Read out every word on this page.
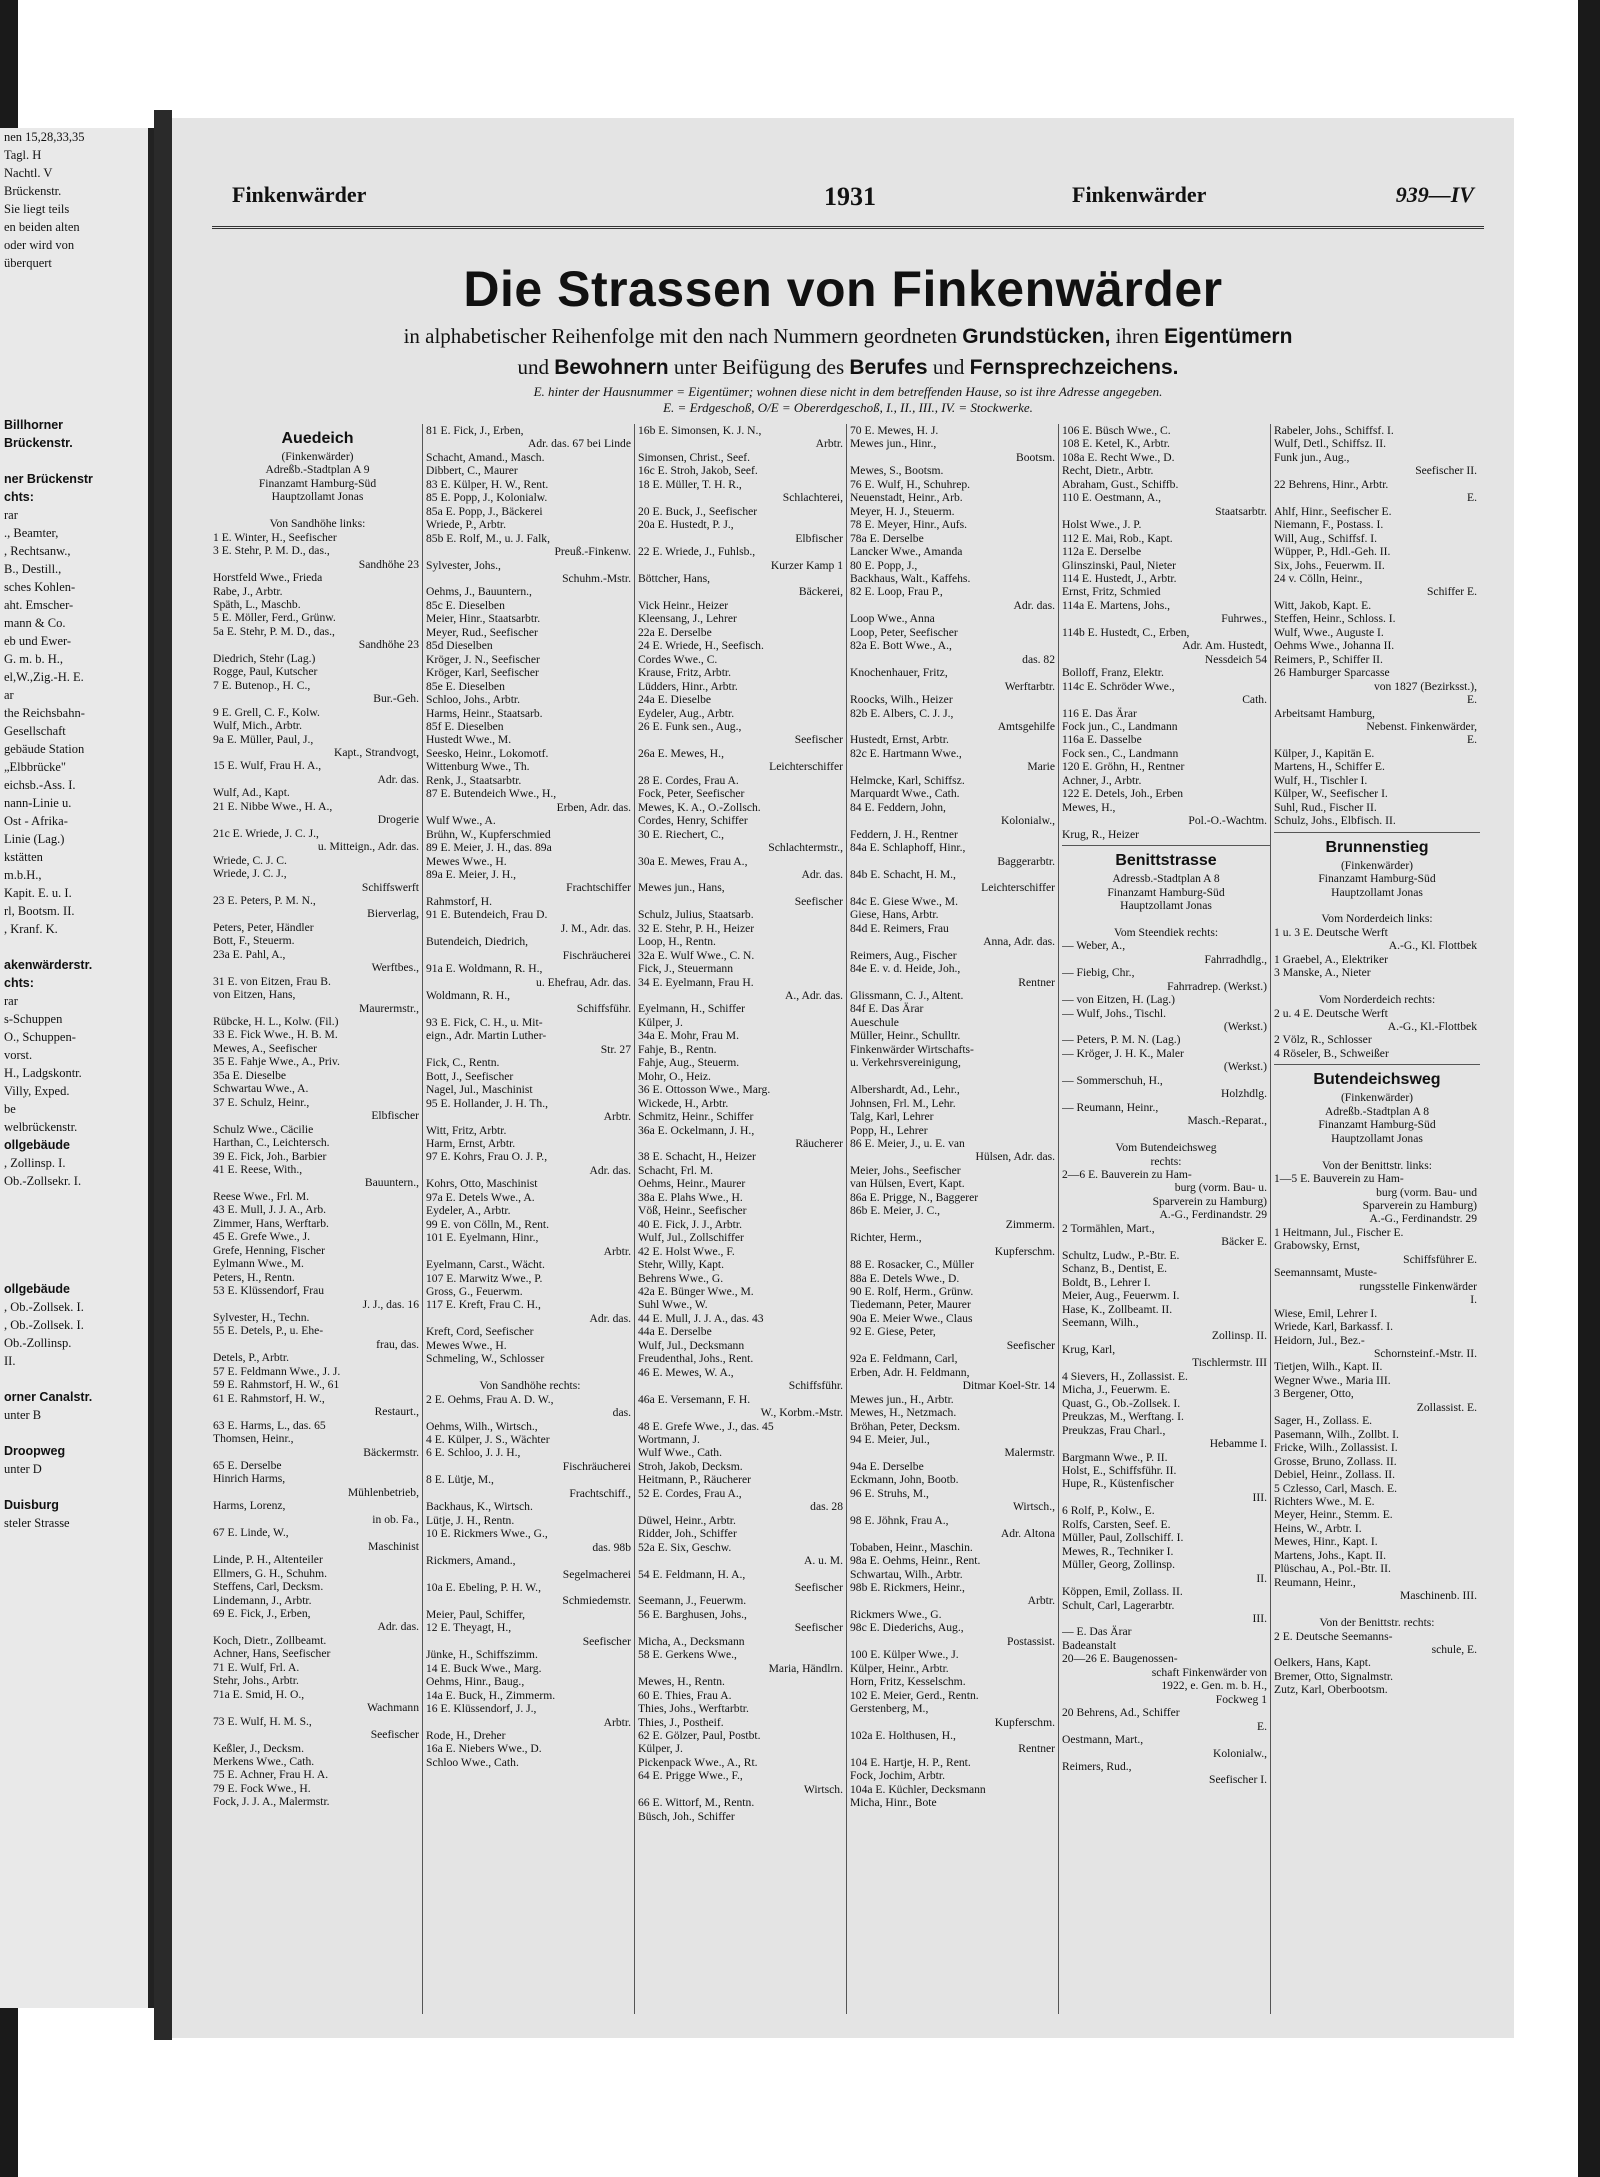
nen 15,28,33,35
Tagl. H
Nachtl. V
Brückenstr.
Sie liegt teils
en beiden alten
oder wird von
überquert

Billhorner
Brückenstr.

ner Brückenstr
chts:
rar
., Beamter,
, Rechtsanw.,
B., Destill.,
sches Kohlen-
aht. Emscher-
mann & Co.
eb und Ewer-
G. m. b. H.,
el,W.,Zig.-H. E.
ar
the Reichsbahn-
Gesellschaft
gebäude Station
„Elbbrücke"
eichsb.-Ass. I.
nann-Linie u.
Ost - Afrika-
Linie (Lag.)
kstätten
m.b.H.,
Kapit. E. u. I.
rl, Bootsm. II.
, Kranf. K.

akenwärderstr.
chts:
rar
s-Schuppen
O., Schuppen-
vorst.
H., Ladgskontr.
Villy, Exped.
be
welbrückenstr.
ollgebäude
, Zollinsp. I.
Ob.-Zollsekr. I.

ollgebäude
, Ob.-Zollsek. I.
, Ob.-Zollsek. I.
Ob.-Zollinsp.
II.

orner Canalstr.
unter B

Droopweg
unter D

Duisburg
steler Strasse
Finkenwärder	1931	Finkenwärder	939—IV
Die Strassen von Finkenwärder
in alphabetischer Reihenfolge mit den nach Nummern geordneten Grundstücken, ihren Eigentümern
und Bewohnern unter Beifügung des Berufes und Fernsprechzeichens.
E. hinter der Hausnummer = Eigentümer; wohnen diese nicht in dem betreffenden Hause, so ist ihre Adresse angegeben.
E. = Erdgeschoß, O/E = Obererdgeschoß, I., II., III., IV. = Stockwerke.
Auedeich
(Finkenwärder)
Adreßb.-Stadtplan A 9
Finanzamt Hamburg-Süd
Hauptzollamt Jonas

Von Sandhöhe links:
1 E. Winter, H., Seefischer
3 E. Stehr, P. M. D., das.,
Sandhöhe 23
Horstfeld Wwe., Frieda
Rabe, J., Arbtr.
Späth, L., Maschb.
5 E. Möller, Ferd., Grünw.
5a E. Stehr, P. M. D., das.,
Sandhöhe 23
Diedrich, Stehr (Lag.)
Rogge, Paul, Kutscher
7 E. Butenop., H. C.,
Bur.-Geh.
9 E. Grell, C. F., Kolw.
Wulf, Mich., Arbtr.
9a E. Müller, Paul, J.,
Kapt., Strandvogt,
15 E. Wulf, Frau H. A.,
Adr. das.
Wulf, Ad., Kapt.
21 E. Nibbe Wwe., H. A.,
Drogerie
21c E. Wriede, J. C. J.,
u. Mitteign., Adr. das.
Wriede, C. J. C.
Wriede, J. C. J.,
Schiffswerft
23 E. Peters, P. M. N.,
Bierverlag,
Peters, Peter, Händler
Bott, F., Steuerm.
23a E. Pahl, A.,
Werftbes.,
31 E. von Eitzen, Frau B.
von Eitzen, Hans,
Maurermstr.,
Rübcke, H. L., Kolw. (Fil.)
33 E. Fick Wwe., H. B. M.
Mewes, A., Seefischer
35 E. Fahje Wwe., A., Priv.
35a E. Dieselbe
Schwartau Wwe., A.
37 E. Schulz, Heinr.,
Elbfischer
Schulz Wwe., Cäcilie
Harthan, C., Leichtersch.
39 E. Fick, Joh., Barbier
41 E. Reese, With.,
Bauuntern.,
Reese Wwe., Frl. M.
43 E. Mull, J. J. A., Arb.
Zimmer, Hans, Werftarb.
45 E. Grefe Wwe., J.
Grefe, Henning, Fischer
Eylmann Wwe., M.
Peters, H., Rentn.
53 E. Klüssendorf, Frau
J. J., das. 16
Sylvester, H., Techn.
55 E. Detels, P., u. Ehe-
frau, das.
Detels, P., Arbtr.
57 E. Feldmann Wwe., J. J.
59 E. Rahmstorf, H. W., 61
61 E. Rahmstorf, H. W.,
Restaurt.,
63 E. Harms, L., das. 65
Thomsen, Heinr.,
Bäckermstr.
65 E. Derselbe
Hinrich Harms,
Mühlenbetrieb,
Harms, Lorenz,
in ob. Fa.,
67 E. Linde, W.,
Maschinist
Linde, P. H., Altenteiler
Ellmers, G. H., Schuhm.
Steffens, Carl, Decksm.
Lindemann, J., Arbtr.
69 E. Fick, J., Erben,
Adr. das.
Koch, Dietr., Zollbeamt.
Achner, Hans, Seefischer
71 E. Wulf, Frl. A.
Stehr, Johs., Arbtr.
71a E. Smid, H. O.,
Wachmann
73 E. Wulf, H. M. S.,
Seefischer
Keßler, J., Decksm.
Merkens Wwe., Cath.
75 E. Achner, Frau H. A.
79 E. Fock Wwe., H.
Fock, J. J. A., Malermstr.
81 E. Fick, J., Erben,
Adr. das. 67 bei Linde
Schacht, Amand., Masch.
Dibbert, C., Maurer
83 E. Külper, H. W., Rent.
85 E. Popp, J., Kolonialw.
85a E. Popp, J., Bäckerei
Wriede, P., Arbtr.
85b E. Rolf, M., u. J. Falk,
Preuß.-Finkenw.
Sylvester, Johs.,
Schuhm.-Mstr.
Oehms, J., Bauuntern.,
85c E. Dieselben
Meier, Hinr., Staatsarbtr.
Meyer, Rud., Seefischer
85d Dieselben
Kröger, J. N., Seefischer
Kröger, Karl, Seefischer
85e E. Dieselben
Schloo, Johs., Arbtr.
Harms, Heinr., Staatsarb.
85f E. Dieselben
Hustedt Wwe., M.
Seesko, Heinr., Lokomotf.
Wittenburg Wwe., Th.
Renk, J., Staatsarbtr.
87 E. Butendeich Wwe., H.,
Erben, Adr. das.
Wulf Wwe., A.
Brühn, W., Kupferschmied
89 E. Meier, J. H., das. 89a
Mewes Wwe., H.
89a E. Meier, J. H.,
Frachtschiffer
Rahmstorf, H.
91 E. Butendeich, Frau D.
J. M., Adr. das.
Butendeich, Diedrich,
Fischräucherei
91a E. Woldmann, R. H.,
u. Ehefrau, Adr. das.
Woldmann, R. H.,
Schiffsführ.
93 E. Fick, C. H., u. Mit-
eign., Adr. Martin Luther-
Str. 27
Fick, C., Rentn.
Bott, J., Seefischer
Nagel, Jul., Maschinist
95 E. Hollander, J. H. Th.,
Arbtr.
Witt, Fritz, Arbtr.
Harm, Ernst, Arbtr.
97 E. Kohrs, Frau O. J. P.,
Adr. das.
Kohrs, Otto, Maschinist
97a E. Detels Wwe., A.
Eydeler, A., Arbtr.
99 E. von Cölln, M., Rent.
101 E. Eyelmann, Hinr.,
Arbtr.
Eyelmann, Carst., Wächt.
107 E. Marwitz Wwe., P.
Gross, G., Feuerwm.
117 E. Kreft, Frau C. H.,
Adr. das.
Kreft, Cord, Seefischer
Mewes Wwe., H.
Schmeling, W., Schlosser

Von Sandhöhe rechts:
2 E. Oehms, Frau A. D. W.,
das.
Oehms, Wilh., Wirtsch.,
4 E. Külper, J. S., Wächter
6 E. Schloo, J. J. H.,
Fischräucherei
8 E. Lütje, M.,
Frachtschiff.,
Backhaus, K., Wirtsch.
Lütje, J. H., Rentn.
10 E. Rickmers Wwe., G.,
das. 98b
Rickmers, Amand.,
Segelmacherei
10a E. Ebeling, P. H. W.,
Schmiedemstr.
Meier, Paul, Schiffer,
12 E. Theyagt, H.,
Seefischer
Jünke, H., Schiffszimm.
14 E. Buck Wwe., Marg.
Oehms, Hinr., Baug.,
14a E. Buck, H., Zimmerm.
16 E. Klüssendorf, J. J.,
Arbtr.
Rode, H., Dreher
16a E. Niebers Wwe., D.
Schloo Wwe., Cath.
16b E. Simonsen, K. J. N.,
Arbtr.
Simonsen, Christ., Seef.
16c E. Stroh, Jakob, Seef.
18 E. Müller, T. H. R.,
Schlachterei,
20 E. Buck, J., Seefischer
20a E. Hustedt, P. J.,
Elbfischer
22 E. Wriede, J., Fuhlsb.,
Kurzer Kamp 1
Böttcher, Hans,
Bäckerei,
Vick Heinr., Heizer
Kleensang, J., Lehrer
22a E. Derselbe
24 E. Wriede, H., Seefisch.
Cordes Wwe., C.
Krause, Fritz, Arbtr.
Lüdders, Hinr., Arbtr.
24a E. Dieselbe
Eydeler, Aug., Arbtr.
26 E. Funk sen., Aug.,
Seefischer
26a E. Mewes, H.,
Leichterschiffer
28 E. Cordes, Frau A.
Fock, Peter, Seefischer
Mewes, K. A., O.-Zollsch.
Cordes, Henry, Schiffer
30 E. Riechert, C.,
Schlachtermstr.,
30a E. Mewes, Frau A.,
Adr. das.
Mewes jun., Hans,
Seefischer
Schulz, Julius, Staatsarb.
32 E. Stehr, P. H., Heizer
Loop, H., Rentn.
32a E. Wulf Wwe., C. N.
Fick, J., Steuermann
34 E. Eyelmann, Frau H.
A., Adr. das.
Eyelmann, H., Schiffer
Külper, J.
34a E. Mohr, Frau M.
Fahje, B., Rentn.
Fahje, Aug., Steuerm.
Mohr, O., Heiz.
36 E. Ottosson Wwe., Marg.
Wickede, H., Arbtr.
Schmitz, Heinr., Schiffer
36a E. Ockelmann, J. H.,
Räucherer
38 E. Schacht, H., Heizer
Schacht, Frl. M.
Oehms, Heinr., Maurer
38a E. Plahs Wwe., H.
Vöß, Heinr., Seefischer
40 E. Fick, J. J., Arbtr.
Wulf, Jul., Zollschiffer
42 E. Holst Wwe., F.
Stehr, Willy, Kapt.
Behrens Wwe., G.
42a E. Bünger Wwe., M.
Suhl Wwe., W.
44 E. Mull, J. J. A., das. 43
44a E. Derselbe
Wulf, Jul., Decksmann
Freudenthal, Johs., Rent.
46 E. Mewes, W. A.,
Schiffsführ.
46a E. Versemann, F. H.
W., Korbm.-Mstr.
48 E. Grefe Wwe., J., das. 45
Wortmann, J.
Wulf Wwe., Cath.
Stroh, Jakob, Decksm.
Heitmann, P., Räucherer
52 E. Cordes, Frau A.,
das. 28
Düwel, Heinr., Arbtr.
Ridder, Joh., Schiffer
52a E. Six, Geschw.
A. u. M.
54 E. Feldmann, H. A.,
Seefischer
Seemann, J., Feuerwm.
56 E. Barghusen, Johs.,
Seefischer
Micha, A., Decksmann
58 E. Gerkens Wwe.,
Maria, Händlrn.
Mewes, H., Rentn.
60 E. Thies, Frau A.
Thies, Johs., Werftarbtr.
Thies, J., Postheif.
62 E. Gölzer, Paul, Postbt.
Külper, J.
Pickenpack Wwe., A., Rt.
64 E. Prigge Wwe., F.,
Wirtsch.
66 E. Wittorf, M., Rentn.
Büsch, Joh., Schiffer
70 E. Mewes, H. J.
Mewes jun., Hinr.,
Bootsm.
Mewes, S., Bootsm.
76 E. Wulf, H., Schuhrep.
Neuenstadt, Heinr., Arb.
Meyer, H. J., Steuerm.
78 E. Meyer, Hinr., Aufs.
78a E. Derselbe
Lancker Wwe., Amanda
80 E. Popp, J.,
Backhaus, Walt., Kaffehs.
82 E. Loop, Frau P.,
Adr. das.
Loop Wwe., Anna
Loop, Peter, Seefischer
82a E. Bott Wwe., A.,
das. 82
Knochenhauer, Fritz,
Werftarbtr.
Roocks, Wilh., Heizer
82b E. Albers, C. J. J.,
Amtsgehilfe
Hustedt, Ernst, Arbtr.
82c E. Hartmann Wwe.,
Marie
Helmcke, Karl, Schiffsz.
Marquardt Wwe., Cath.
84 E. Feddern, John,
Kolonialw.,
Feddern, J. H., Rentner
84a E. Schlaphoff, Hinr.,
Baggerarbtr.
84b E. Schacht, H. M.,
Leichterschiffer
84c E. Giese Wwe., M.
Giese, Hans, Arbtr.
84d E. Reimers, Frau
Anna, Adr. das.
Reimers, Aug., Fischer
84e E. v. d. Heide, Joh.,
Rentner
Glissmann, C. J., Altent.
84f E. Das Ärar
Aueschule
Müller, Heinr., Schulltr.
Finkenwärder Wirtschafts-
u. Verkehrsvereinigung,

Albershardt, Ad., Lehr.,
Johnsen, Frl. M., Lehr.
Talg, Karl, Lehrer
Popp, H., Lehrer
86 E. Meier, J., u. E. van
Hülsen, Adr. das.
Meier, Johs., Seefischer
van Hülsen, Evert, Kapt.
86a E. Prigge, N., Baggerer
86b E. Meier, J. C.,
Zimmerm.
Richter, Herm.,
Kupferschm.
88 E. Rosacker, C., Müller
88a E. Detels Wwe., D.
90 E. Rolf, Herm., Grünw.
Tiedemann, Peter, Maurer
90a E. Meier Wwe., Claus
92 E. Giese, Peter,
Seefischer
92a E. Feldmann, Carl,
Erben, Adr. H. Feldmann,
Ditmar Koel-Str. 14
Mewes jun., H., Arbtr.
Mewes, H., Netzmach.
Bröhan, Peter, Decksm.
94 E. Meier, Jul.,
Malermstr.
94a E. Derselbe
Eckmann, John, Bootb.
96 E. Struhs, M.,
Wirtsch.,
98 E. Jöhnk, Frau A.,
Adr. Altona
Tobaben, Heinr., Maschin.
98a E. Oehms, Heinr., Rent.
Schwartau, Wilh., Arbtr.
98b E. Rickmers, Heinr.,
Arbtr.
Rickmers Wwe., G.
98c E. Diederichs, Aug.,
Postassist.
100 E. Külper Wwe., J.
Külper, Heinr., Arbtr.
Horn, Fritz, Kesselschm.
102 E. Meier, Gerd., Rentn.
Gerstenberg, M.,
Kupferschm.
102a E. Holthusen, H.,
Rentner
104 E. Hartje, H. P., Rent.
Fock, Jochim, Arbtr.
104a E. Küchler, Decksmann
Micha, Hinr., Bote
106 E. Büsch Wwe., C.
108 E. Ketel, K., Arbtr.
108a E. Recht Wwe., D.
Recht, Dietr., Arbtr.
Abraham, Gust., Schiffb.
110 E. Oestmann, A.,
Staatsarbtr.
Holst Wwe., J. P.
112 E. Mai, Rob., Kapt.
112a E. Derselbe
Glinszinski, Paul, Nieter
114 E. Hustedt, J., Arbtr.
Ernst, Fritz, Schmied
114a E. Martens, Johs.,
Fuhrwes.,
114b E. Hustedt, C., Erben,
Adr. Am. Hustedt,
Nessdeich 54
Bolloff, Franz, Elektr.
114c E. Schröder Wwe.,
Cath.
116 E. Das Ärar
Fock jun., C., Landmann
116a E. Dasselbe
Fock sen., C., Landmann
120 E. Gröhn, H., Rentner
Achner, J., Arbtr.
122 E. Detels, Joh., Erben
Mewes, H.,
Pol.-O.-Wachtm.
Krug, R., Heizer
Benittstrasse
Adressb.-Stadtplan A 8
Finanzamt Hamburg-Süd
Hauptzollamt Jonas

Vom Steendiek rechts:
— Weber, A.,
Fahrradhdlg.,
— Fiebig, Chr.,
Fahrradrep. (Werkst.)
— von Eitzen, H. (Lag.)
— Wulf, Johs., Tischl.
(Werkst.)
— Peters, P. M. N. (Lag.)
— Kröger, J. H. K., Maler
(Werkst.)
— Sommerschuh, H.,
Holzhdlg.
— Reumann, Heinr.,
Masch.-Reparat.,

Vom Butendeichsweg
rechts:
2—6 E. Bauverein zu Ham-
burg (vorm. Bau- u.
Sparverein zu Hamburg)
A.-G., Ferdinandstr. 29
2 Tormählen, Mart.,
Bäcker E.
Schultz, Ludw., P.-Btr. E.
Schanz, B., Dentist, E.
Boldt, B., Lehrer I.
Meier, Aug., Feuerwm. I.
Hase, K., Zollbeamt. II.
Seemann, Wilh.,
Zollinsp. II.
Krug, Karl,
Tischlermstr. III
4 Sievers, H., Zollassist. E.
Micha, J., Feuerwm. E.
Quast, G., Ob.-Zollsek. I.
Preukzas, M., Werftang. I.
Preukzas, Frau Charl.,
Hebamme I.
Bargmann Wwe., P. II.
Holst, E., Schiffsführ. II.
Hupe, R., Küstenfischer
III.
6 Rolf, P., Kolw., E.
Rolfs, Carsten, Seef. E.
Müller, Paul, Zollschiff. I.
Mewes, R., Techniker I.
Müller, Georg, Zollinsp.
II.
Köppen, Emil, Zollass. II.
Schult, Carl, Lagerarbtr.
III.
— E. Das Ärar
Badeanstalt
20—26 E. Baugenossen-
schaft Finkenwärder von
1922, e. Gen. m. b. H.,
Fockweg 1
20 Behrens, Ad., Schiffer
E.
Oestmann, Mart.,
Kolonialw.,
Reimers, Rud.,
Seefischer I.
Rabeler, Johs., Schiffsf. I.
Wulf, Detl., Schiffsz. II.
Funk jun., Aug.,
Seefischer II.
22 Behrens, Hinr., Arbtr.
E.
Ahlf, Hinr., Seefischer E.
Niemann, F., Postass. I.
Will, Aug., Schiffsf. I.
Wüpper, P., Hdl.-Geh. II.
Six, Johs., Feuerwm. II.
24 v. Cölln, Heinr.,
Schiffer E.
Witt, Jakob, Kapt. E.
Steffen, Heinr., Schloss. I.
Wulf, Wwe., Auguste I.
Oehms Wwe., Johanna II.
Reimers, P., Schiffer II.
26 Hamburger Sparcasse
von 1827 (Bezirksst.),
E.
Arbeitsamt Hamburg,
Nebenst. Finkenwärder,
E.
Külper, J., Kapitän E.
Martens, H., Schiffer E.
Wulf, H., Tischler I.
Külper, W., Seefischer I.
Suhl, Rud., Fischer II.
Schulz, Johs., Elbfisch. II.
Brunnenstieg
(Finkenwärder)
Finanzamt Hamburg-Süd
Hauptzollamt Jonas

Vom Norderdeich links:
1 u. 3 E. Deutsche Werft
A.-G., Kl. Flottbek
1 Graebel, A., Elektriker
3 Manske, A., Nieter

Vom Norderdeich rechts:
2 u. 4 E. Deutsche Werft
A.-G., Kl.-Flottbek
2 Völz, R., Schlosser
4 Röseler, B., Schweißer
Butendeichsweg
(Finkenwärder)
Adreßb.-Stadtplan A 8
Finanzamt Hamburg-Süd
Hauptzollamt Jonas

Von der Benittstr. links:
1—5 E. Bauverein zu Ham-
burg (vorm. Bau- und
Sparverein zu Hamburg)
A.-G., Ferdinandstr. 29
1 Heitmann, Jul., Fischer E.
Grabowsky, Ernst,
Schiffsführer E.
Seemannsamt, Muste-
rungsstelle Finkenwärder
I.
Wiese, Emil, Lehrer I.
Wriede, Karl, Barkassf. I.
Heidorn, Jul., Bez.-
Schornsteinf.-Mstr. II.
Tietjen, Wilh., Kapt. II.
Wegner Wwe., Maria III.
3 Bergener, Otto,
Zollassist. E.
Sager, H., Zollass. E.
Pasemann, Wilh., Zollbt. I.
Fricke, Wilh., Zollassist. I.
Grosse, Bruno, Zollass. II.
Debiel, Heinr., Zollass. II.
5 Czlesso, Carl, Masch. E.
Richters Wwe., M. E.
Meyer, Heinr., Stemm. E.
Heins, W., Arbtr. I.
Mewes, Hinr., Kapt. I.
Martens, Johs., Kapt. II.
Plüschau, A., Pol.-Btr. II.
Reumann, Heinr.,
Maschinenb. III.

Von der Benittstr. rechts:
2 E. Deutsche Seemanns-
schule, E.
Oelkers, Hans, Kapt.
Bremer, Otto, Signalmstr.
Zutz, Karl, Oberbootsm.
